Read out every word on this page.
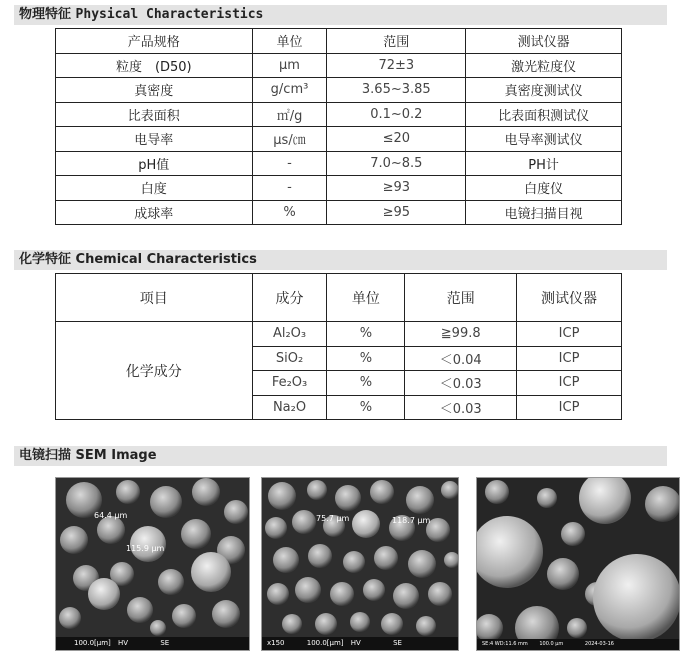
物理特征 Physical Characteristics
产品规格	单位	范围	测试仪器
粒度　(D50)	μm	72±3	激光粒度仪
真密度	g/cm³	3.65~3.85	真密度测试仪
比表面积	㎡/g	0.1~0.2	比表面积测试仪
电导率	μs/㎝	≤20	电导率测试仪
pH值	-	7.0~8.5	PH计
白度	-	≥93	白度仪
成球率	%	≥95	电镜扫描目视
化学特征 Chemical Characteristics
项目	成分	单位	范围	测试仪器
化学成分	Al₂O₃	%	≧99.8	ICP
	SiO₂	%	＜0.04	ICP
	Fe₂O₃	%	＜0.03	ICP
	Na₂O	%	＜0.03	ICP
电镜扫描 SEM Image
64.4 μm
115.9 μm
100.0[μm] HV	SE
75.7 μm	118.7 μm
x150	100.0[μm] HV	SE	SE:4 WD:11.6 mm 100.0 μm	2024-03-16
